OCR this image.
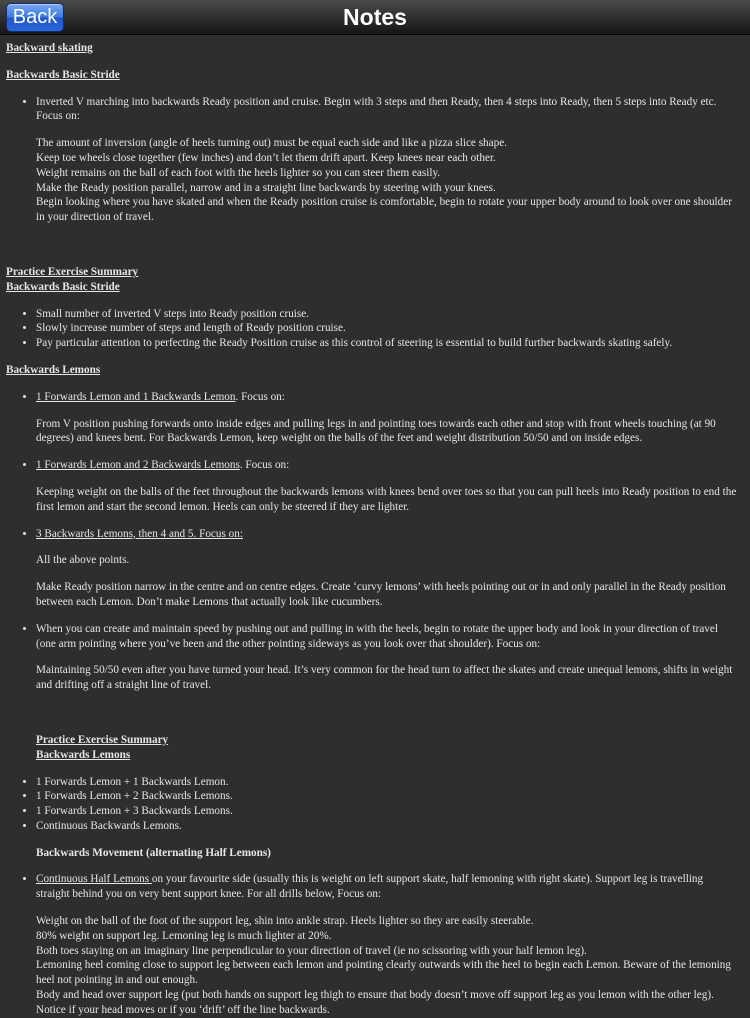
Back	Notes

Backward skating

Backwards Basic Stride

• Inverted V marching into backwards Ready position and cruise. Begin with 3 steps and then Ready, then 4 steps into Ready, then 5 steps into Ready etc. Focus on:

The amount of inversion (angle of heels turning out) must be equal each side and like a pizza slice shape.

Keep toe wheels close together (few inches) and don’t let them drift apart. Keep knees near each other.

Weight remains on the ball of each foot with the heels lighter so you can steer them easily.

Make the Ready position parallel, narrow and in a straight line backwards by steering with your knees.

Begin looking where you have skated and when the Ready position cruise is comfortable, begin to rotate your upper body around to look over one shoulder in your direction of travel.

Practice Exercise Summary

Backwards Basic Stride

• Small number of inverted V steps into Ready position cruise.
• Slowly increase number of steps and length of Ready position cruise.
• Pay particular attention to perfecting the Ready Position cruise as this control of steering is essential to build further backwards skating safely.

Backwards Lemons

• 1 Forwards Lemon and 1 Backwards Lemon. Focus on:

From V position pushing forwards onto inside edges and pulling legs in and pointing toes towards each other and stop with front wheels touching (at 90 degrees) and knees bent. For Backwards Lemon, keep weight on the balls of the feet and weight distribution 50/50 and on inside edges.

• 1 Forwards Lemon and 2 Backwards Lemons. Focus on:

Keeping weight on the balls of the feet throughout the backwards lemons with knees bend over toes so that you can pull heels into Ready position to end the first lemon and start the second lemon. Heels can only be steered if they are lighter.

• 3 Backwards Lemons, then 4 and 5. Focus on:

All the above points.

Make Ready position narrow in the centre and on centre edges. Create ‘curvy lemons’ with heels pointing out or in and only parallel in the Ready position between each Lemon. Don’t make Lemons that actually look like cucumbers.

• When you can create and maintain speed by pushing out and pulling in with the heels, begin to rotate the upper body and look in your direction of travel (one arm pointing where you’ve been and the other pointing sideways as you look over that shoulder). Focus on:

Maintaining 50/50 even after you have turned your head. It’s very common for the head turn to affect the skates and create unequal lemons, shifts in weight and drifting off a straight line of travel.

Practice Exercise Summary

Backwards Lemons

• 1 Forwards Lemon + 1 Backwards Lemon.
• 1 Forwards Lemon + 2 Backwards Lemons.
• 1 Forwards Lemon + 3 Backwards Lemons.
• Continuous Backwards Lemons.

Backwards Movement (alternating Half Lemons)

• Continuous Half Lemons on your favourite side (usually this is weight on left support skate, half lemoning with right skate). Support leg is travelling straight behind you on very bent support knee. For all drills below, Focus on:

Weight on the ball of the foot of the support leg, shin into ankle strap. Heels lighter so they are easily steerable.

80% weight on support leg. Lemoning leg is much lighter at 20%.

Both toes staying on an imaginary line perpendicular to your direction of travel (ie no scissoring with your half lemon leg).

Lemoning heel coming close to support leg between each lemon and pointing clearly outwards with the heel to begin each Lemon. Beware of the lemoning heel not pointing in and out enough.

Body and head over support leg (put both hands on support leg thigh to ensure that body doesn’t move off support leg as you lemon with the other leg). Notice if your head moves or if you ‘drift’ off the line backwards.
